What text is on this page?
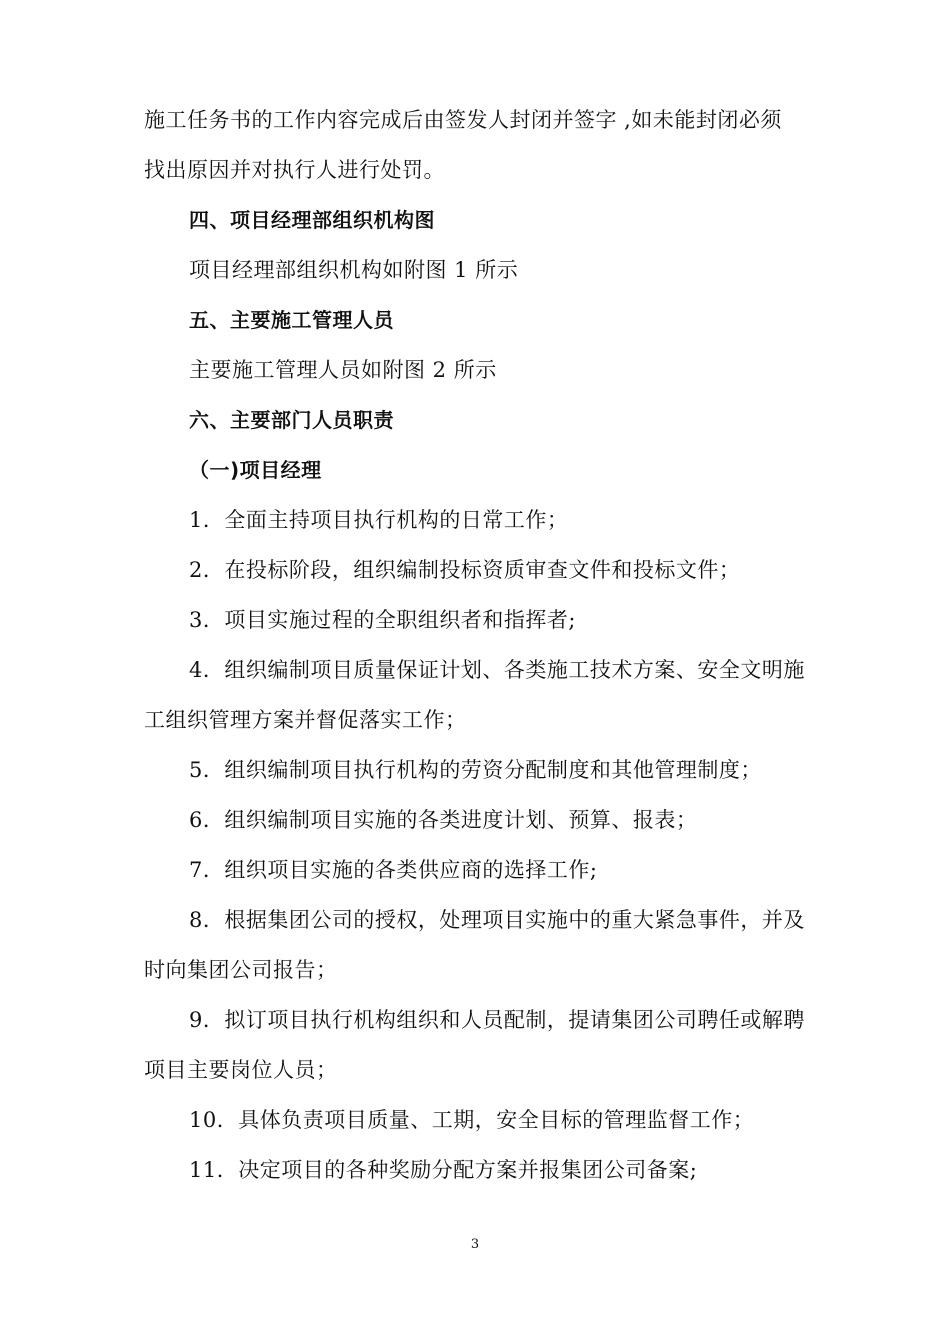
施工任务书的工作内容完成后由签发人封闭并签字 ,如未能封闭必须
找出原因并对执行人进行处罚。
四、项目经理部组织机构图
项目经理部组织机构如附图 1 所示
五、主要施工管理人员
主要施工管理人员如附图 2 所示
六、主要部门人员职责
（一)项目经理
1．全面主持项目执行机构的日常工作；
2．在投标阶段，组织编制投标资质审查文件和投标文件；
3．项目实施过程的全职组织者和指挥者;
4．组织编制项目质量保证计划、各类施工技术方案、安全文明施
工组织管理方案并督促落实工作；
5．组织编制项目执行机构的劳资分配制度和其他管理制度；
6．组织编制项目实施的各类进度计划、预算、报表；
7．组织项目实施的各类供应商的选择工作;
8．根据集团公司的授权，处理项目实施中的重大紧急事件，并及
时向集团公司报告；
9．拟订项目执行机构组织和人员配制，提请集团公司聘任或解聘
项目主要岗位人员；
10．具体负责项目质量、工期，安全目标的管理监督工作；
11．决定项目的各种奖励分配方案并报集团公司备案;
3
